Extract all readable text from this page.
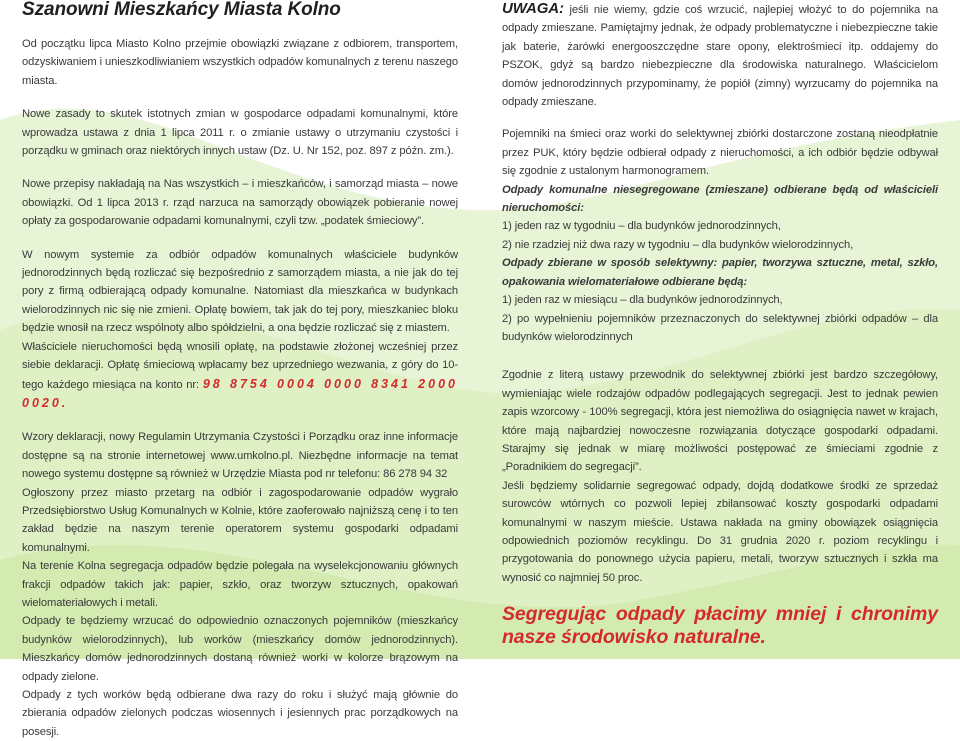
Szanowni Mieszkańcy Miasta Kolno

Od początku lipca Miasto Kolno przejmie obowiązki związane z odbiorem, transportem, odzyskiwaniem i unieszkodliwianiem wszystkich odpadów komunalnych z terenu naszego miasta.

Nowe zasady to skutek istotnych zmian w gospodarce odpadami komunalnymi, które wprowadza ustawa z dnia 1 lipca 2011 r. o zmianie ustawy o utrzymaniu czystości i porządku w gminach oraz niektórych innych ustaw (Dz. U. Nr 152, poz. 897 z późn. zm.).

Nowe przepisy nakładają na Nas wszystkich – i mieszkańców, i samorząd miasta – nowe obowiązki. Od 1 lipca 2013 r. rząd narzuca na samorządy obowiązek pobieranie nowej opłaty za gospodarowanie odpadami komunalnymi, czyli tzw. „podatek śmieciowy”.

W nowym systemie za odbiór odpadów komunalnych właściciele budynków jednorodzinnych będą rozliczać się bezpośrednio z samorządem miasta, a nie jak do tej pory z firmą odbierającą odpady komunalne. Natomiast dla mieszkańca w budynkach wielorodzinnych nic się nie zmieni. Opłatę bowiem, tak jak do tej pory, mieszkaniec bloku będzie wnosił na rzecz wspólnoty albo spółdzielni, a ona będzie rozliczać się z miastem.

Właściciele nieruchomości będą wnosili opłatę, na podstawie złożonej wcześniej przez siebie deklaracji. Opłatę śmieciową wpłacamy bez uprzedniego wezwania, z góry do 10-tego każdego miesiąca na konto nr: 98 8754 0004 0000 8341 2000 0020.

Wzory deklaracji, nowy Regulamin Utrzymania Czystości i Porządku oraz inne informacje dostępne są na stronie internetowej www.umkolno.pl. Niezbędne informacje na temat nowego systemu dostępne są również w Urzędzie Miasta pod nr telefonu: 86 278 94 32

Ogłoszony przez miasto przetarg na odbiór i zagospodarowanie odpadów wygrało Przedsiębiorstwo Usług Komunalnych w Kolnie, które zaoferowało najniższą cenę i to ten zakład będzie na naszym terenie operatorem systemu gospodarki odpadami komunalnymi.

Na terenie Kolna segregacja odpadów będzie polegała na wyselekcjonowaniu głównych frakcji odpadów takich jak: papier, szkło, oraz tworzyw sztucznych, opakowań wielomateriałowych i metali.

Odpady te będziemy wrzucać do odpowiednio oznaczonych pojemników (mieszkańcy budynków wielorodzinnych), lub worków (mieszkańcy domów jednorodzinnych). Mieszkańcy domów jednorodzinnych dostaną również worki w kolorze brązowym na odpady zielone.

Odpady z tych worków będą odbierane dwa razy do roku i służyć mają głównie do zbierania odpadów zielonych podczas wiosennych i jesiennych prac porządkowych na posesji.

UWAGA: jeśli nie wiemy, gdzie coś wrzucić, najlepiej włożyć to do pojemnika na odpady zmieszane. Pamiętajmy jednak, że odpady problematyczne i niebezpieczne takie jak baterie, żarówki energooszczędne stare opony, elektrośmieci itp. oddajemy do PSZOK, gdyż są bardzo niebezpieczne dla środowiska naturalnego. Właścicielom domów jednorodzinnych przypominamy, że popiół (zimny) wyrzucamy do pojemnika na odpady zmieszane.

Pojemniki na śmieci oraz worki do selektywnej zbiórki dostarczone zostaną nieodpłatnie przez PUK, który będzie odbierał odpady z nieruchomości, a ich odbiór będzie odbywał się zgodnie z ustalonym harmonogramem.

Odpady komunalne niesegregowane (zmieszane) odbierane będą od właścicieli nieruchomości:

1) jeden raz w tygodniu – dla budynków jednorodzinnych,

2) nie rzadziej niż dwa razy w tygodniu – dla budynków wielorodzinnych,

Odpady zbierane w sposób selektywny: papier, tworzywa sztuczne, metal, szkło, opakowania wielomateriałowe odbierane będą:

1) jeden raz w miesiącu – dla budynków jednorodzinnych,

2) po wypełnieniu pojemników przeznaczonych do selektywnej zbiórki odpadów – dla budynków wielorodzinnych

Zgodnie z literą ustawy przewodnik do selektywnej zbiórki jest bardzo szczegółowy, wymieniając wiele rodzajów odpadów podlegających segregacji. Jest to jednak pewien zapis wzorcowy - 100% segregacji, która jest niemożliwa do osiągnięcia nawet w krajach, które mają najbardziej nowoczesne rozwiązania dotyczące gospodarki odpadami. Starajmy się jednak w miarę możliwości postępować ze śmieciami zgodnie z „Poradnikiem do segregacji”.

Jeśli będziemy solidarnie segregować odpady, dojdą dodatkowe środki ze sprzedaż surowców wtórnych co pozwoli lepiej zbilansować koszty gospodarki odpadami komunalnymi w naszym mieście. Ustawa nakłada na gminy obowiązek osiągnięcia odpowiednich poziomów recyklingu. Do 31 grudnia 2020 r. poziom recyklingu i przygotowania do ponownego użycia papieru, metali, tworzyw sztucznych i szkła ma wynosić co najmniej 50 proc.

Segregując odpady płacimy mniej i chronimy nasze środowisko naturalne.
